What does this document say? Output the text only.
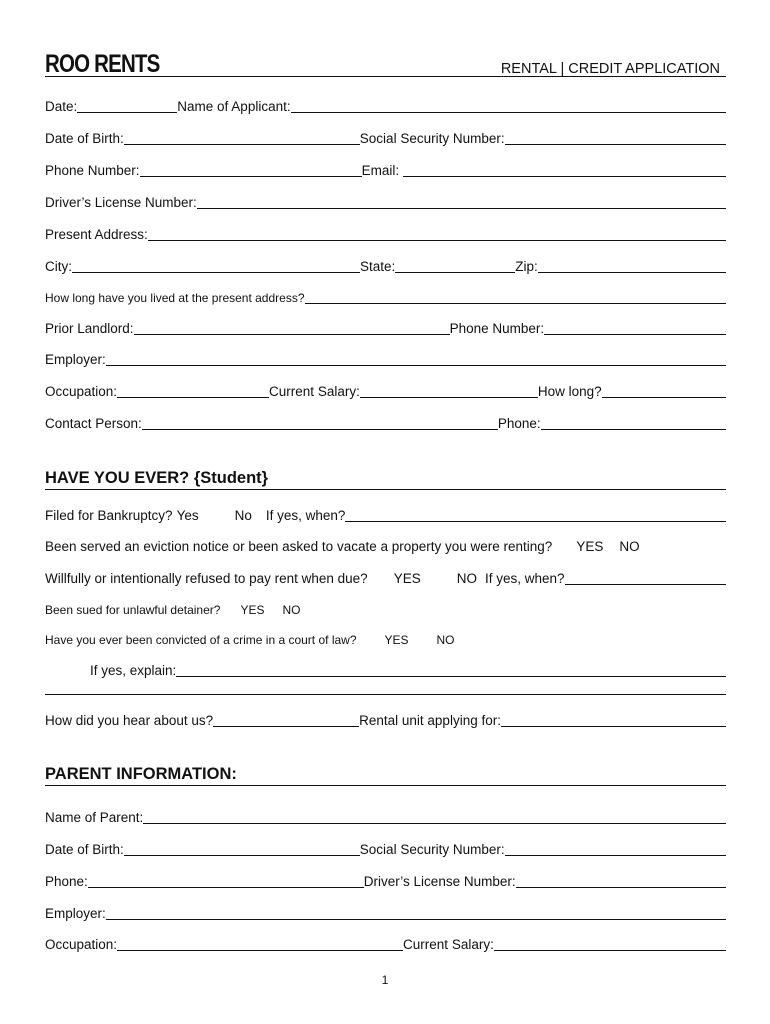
ROO RENTS	RENTAL | CREDIT APPLICATION
Date:	Name of Applicant:
Date of Birth:	Social Security Number:
Phone Number:	Email:
Driver’s License Number:
Present Address:
City:	State:	Zip:
How long have you lived at the present address?
Prior Landlord:	Phone Number:
Employer:
Occupation:	Current Salary:	How long?
Contact Person:	Phone:
HAVE YOU EVER? {Student}
Filed for Bankruptcy? Yes	No If yes, when?
Been served an eviction notice or been asked to vacate a property you were renting? YES NO
Willfully or intentionally refused to pay rent when due? YES	NO If yes, when?
Been sued for unlawful detainer? YES NO
Have you ever been convicted of a crime in a court of law? YES NO
If yes, explain:
How did you hear about us?	Rental unit applying for:
PARENT INFORMATION:
Name of Parent:
Date of Birth:	Social Security Number:
Phone:	Driver’s License Number:
Employer:
Occupation:	Current Salary:
1
